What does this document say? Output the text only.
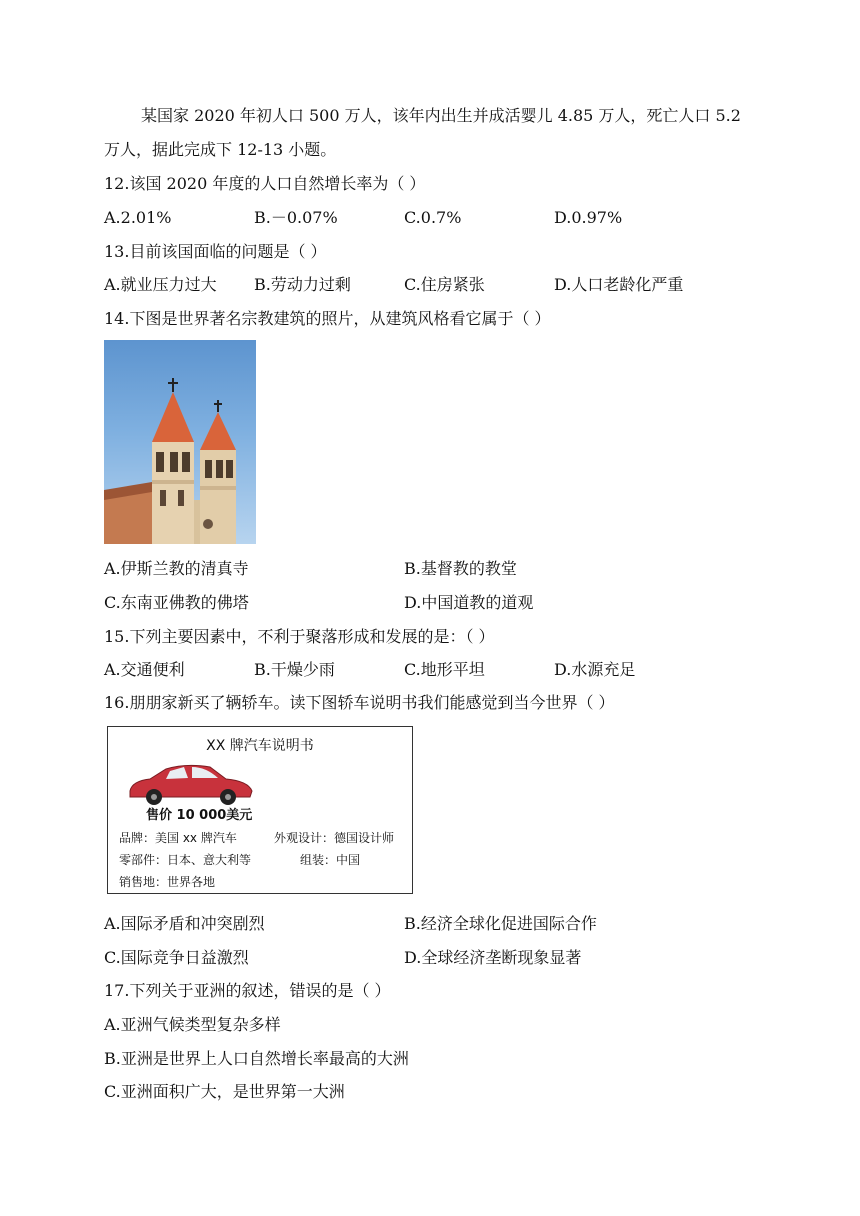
某国家 2020 年初人口 500 万人，该年内出生并成活婴儿 4.85 万人，死亡人口 5.2
万人，据此完成下 12-13 小题。
12.该国 2020 年度的人口自然增长率为（ ）
A.2.01%	B.－0.07%	C.0.7%	D.0.97%
13.目前该国面临的问题是（ ）
A.就业压力过大 B.劳动力过剩	C.住房紧张	D.人口老龄化严重
14.下图是世界著名宗教建筑的照片，从建筑风格看它属于（ ）
A.伊斯兰教的清真寺	B.基督教的教堂
C.东南亚佛教的佛塔	D.中国道教的道观
15.下列主要因素中，不利于聚落形成和发展的是：（ ）
A.交通便利	B.干燥少雨	C.地形平坦	D.水源充足
16.朋朋家新买了辆轿车。读下图轿车说明书我们能感觉到当今世界（ ）
XX 牌汽车说明书
售价 10 000美元
品牌：美国 xx 牌汽车	外观设计：德国设计师
零部件：日本、意大利等	组装：中国
销售地：世界各地
A.国际矛盾和冲突剧烈	B.经济全球化促进国际合作
C.国际竞争日益激烈	D.全球经济垄断现象显著
17.下列关于亚洲的叙述，错误的是（ ）
A.亚洲气候类型复杂多样
B.亚洲是世界上人口自然增长率最高的大洲
C.亚洲面积广大，是世界第一大洲
